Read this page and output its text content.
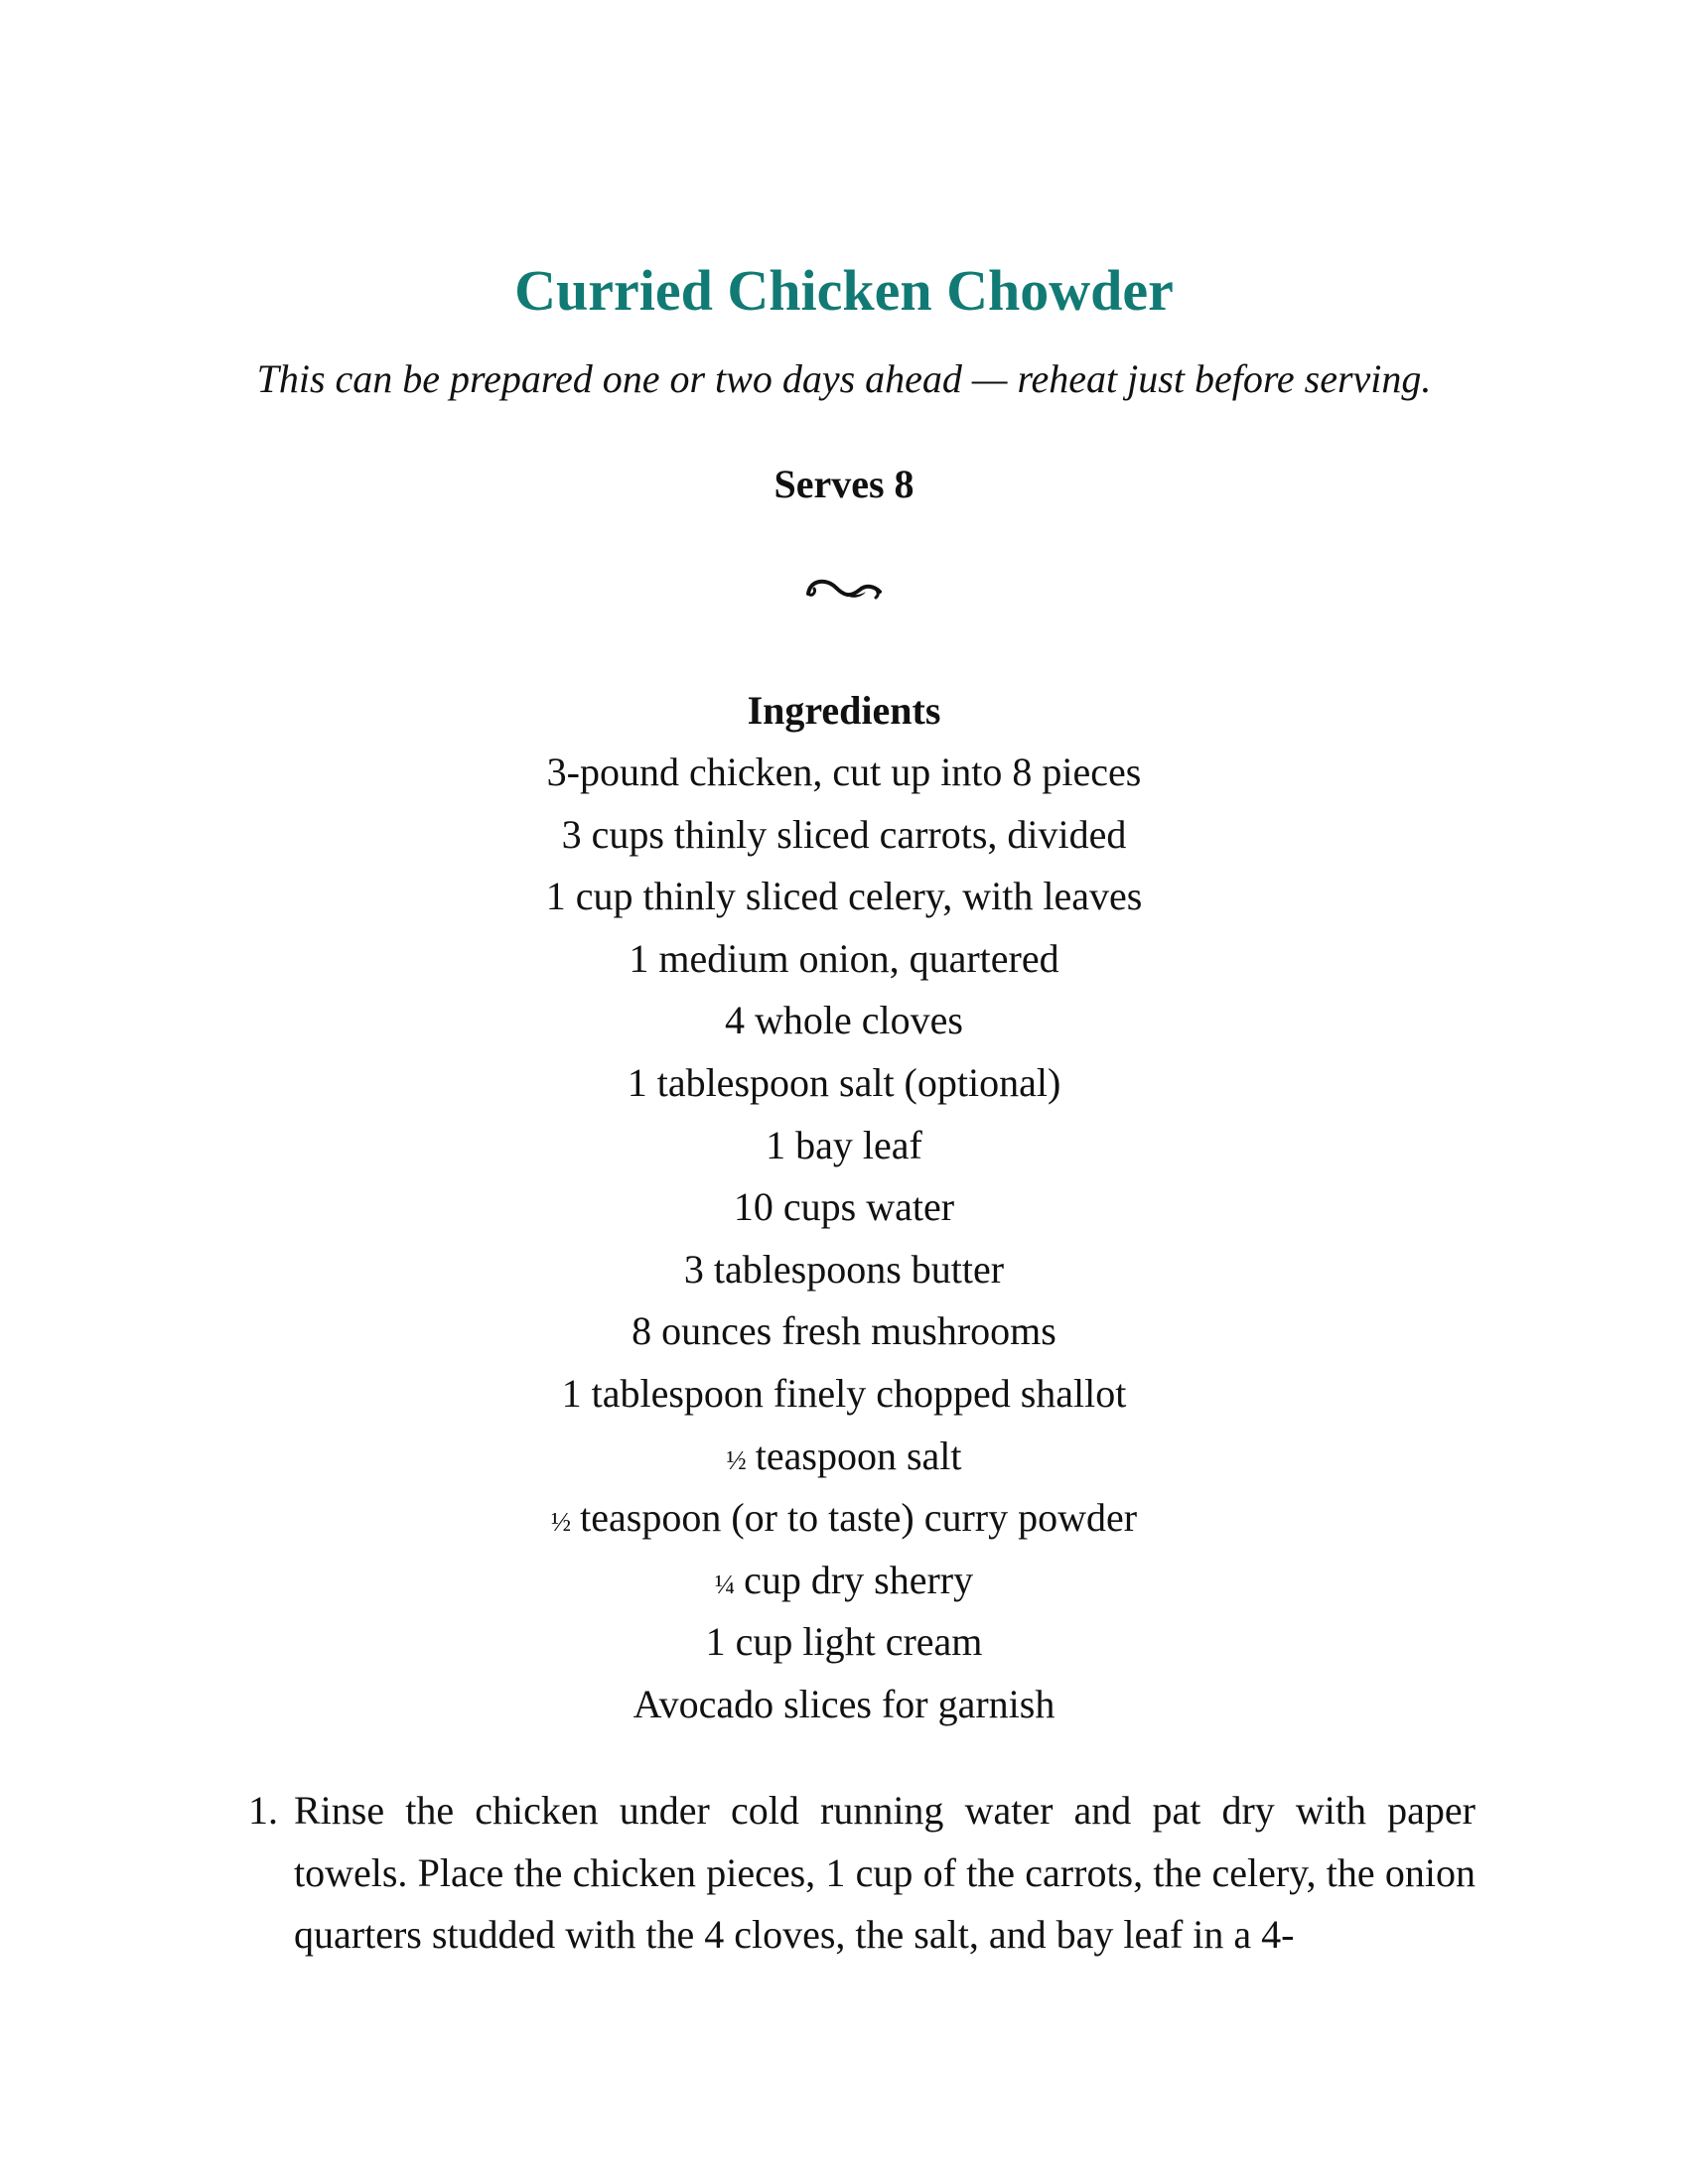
Curried Chicken Chowder
This can be prepared one or two days ahead — reheat just before serving.
Serves 8
Ingredients
3-pound chicken, cut up into 8 pieces
3 cups thinly sliced carrots, divided
1 cup thinly sliced celery, with leaves
1 medium onion, quartered
4 whole cloves
1 tablespoon salt (optional)
1 bay leaf
10 cups water
3 tablespoons butter
8 ounces fresh mushrooms
1 tablespoon finely chopped shallot
½ teaspoon salt
½ teaspoon (or to taste) curry powder
¼ cup dry sherry
1 cup light cream
Avocado slices for garnish
1. Rinse the chicken under cold running water and pat dry with paper towels. Place the chicken pieces, 1 cup of the carrots, the celery, the onion quarters studded with the 4 cloves, the salt, and bay leaf in a 4-
